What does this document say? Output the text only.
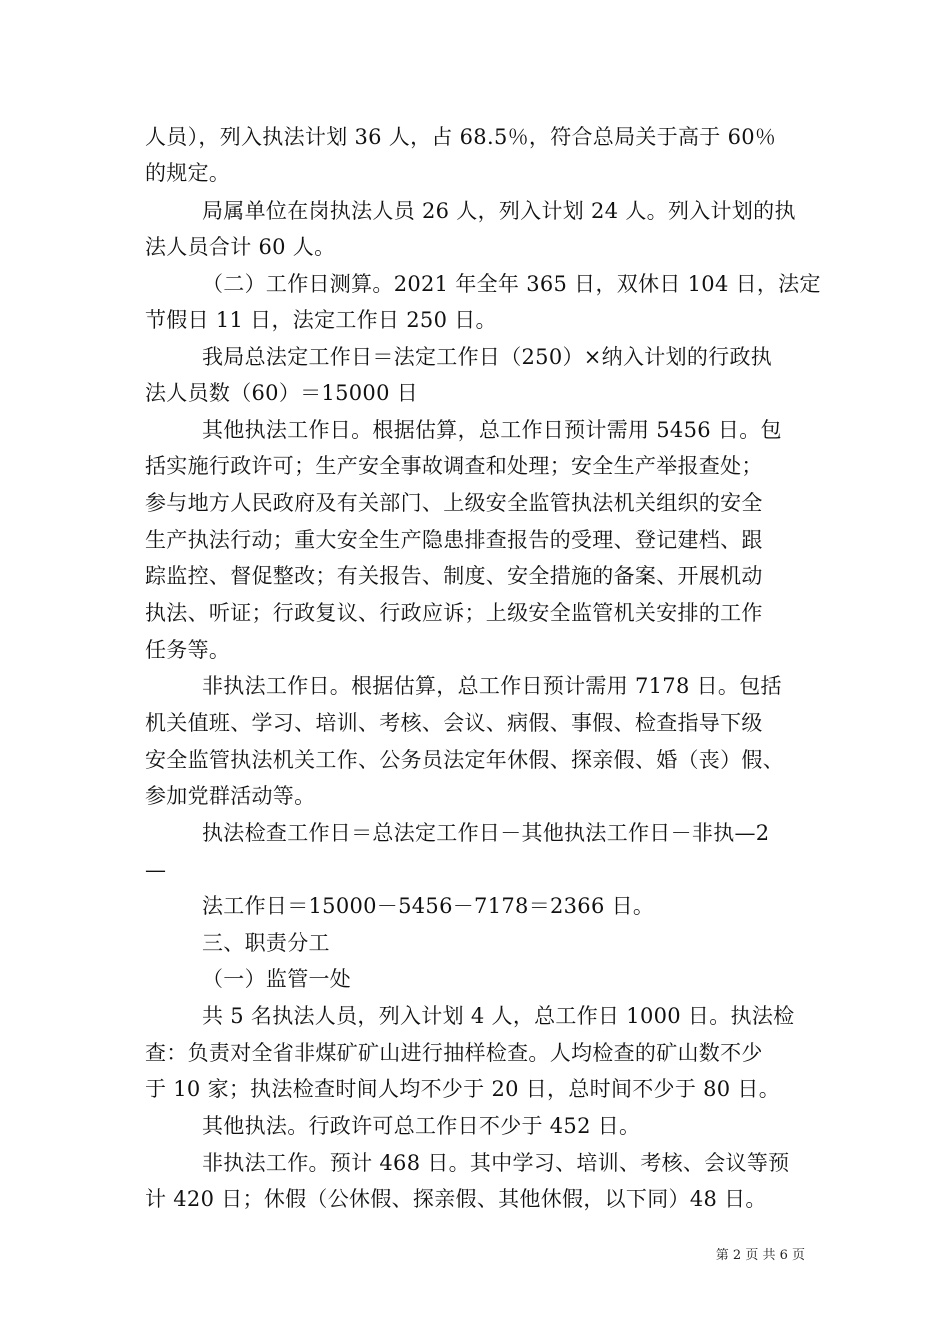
人员），列入执法计划 36 人，占 68.5％，符合总局关于高于 60％
的规定。
局属单位在岗执法人员 26 人，列入计划 24 人。列入计划的执
法人员合计 60 人。
（二）工作日测算。2021 年全年 365 日，双休日 104 日，法定
节假日 11 日，法定工作日 250 日。
我局总法定工作日＝法定工作日（250）×纳入计划的行政执
法人员数（60）＝15000 日
其他执法工作日。根据估算，总工作日预计需用 5456 日。包
括实施行政许可；生产安全事故调查和处理；安全生产举报查处；
参与地方人民政府及有关部门、上级安全监管执法机关组织的安全
生产执法行动；重大安全生产隐患排查报告的受理、登记建档、跟
踪监控、督促整改；有关报告、制度、安全措施的备案、开展机动
执法、听证；行政复议、行政应诉；上级安全监管机关安排的工作
任务等。
非执法工作日。根据估算，总工作日预计需用 7178 日。包括
机关值班、学习、培训、考核、会议、病假、事假、检查指导下级
安全监管执法机关工作、公务员法定年休假、探亲假、婚（丧）假、
参加党群活动等。
执法检查工作日＝总法定工作日－其他执法工作日－非执—2
—
法工作日＝15000－5456－7178＝2366 日。
三、职责分工
（一）监管一处
共 5 名执法人员，列入计划 4 人，总工作日 1000 日。执法检
查：负责对全省非煤矿矿山进行抽样检查。人均检查的矿山数不少
于 10 家；执法检查时间人均不少于 20 日，总时间不少于 80 日。
其他执法。行政许可总工作日不少于 452 日。
非执法工作。预计 468 日。其中学习、培训、考核、会议等预
计 420 日；休假（公休假、探亲假、其他休假，以下同）48 日。
第 2 页 共 6 页
